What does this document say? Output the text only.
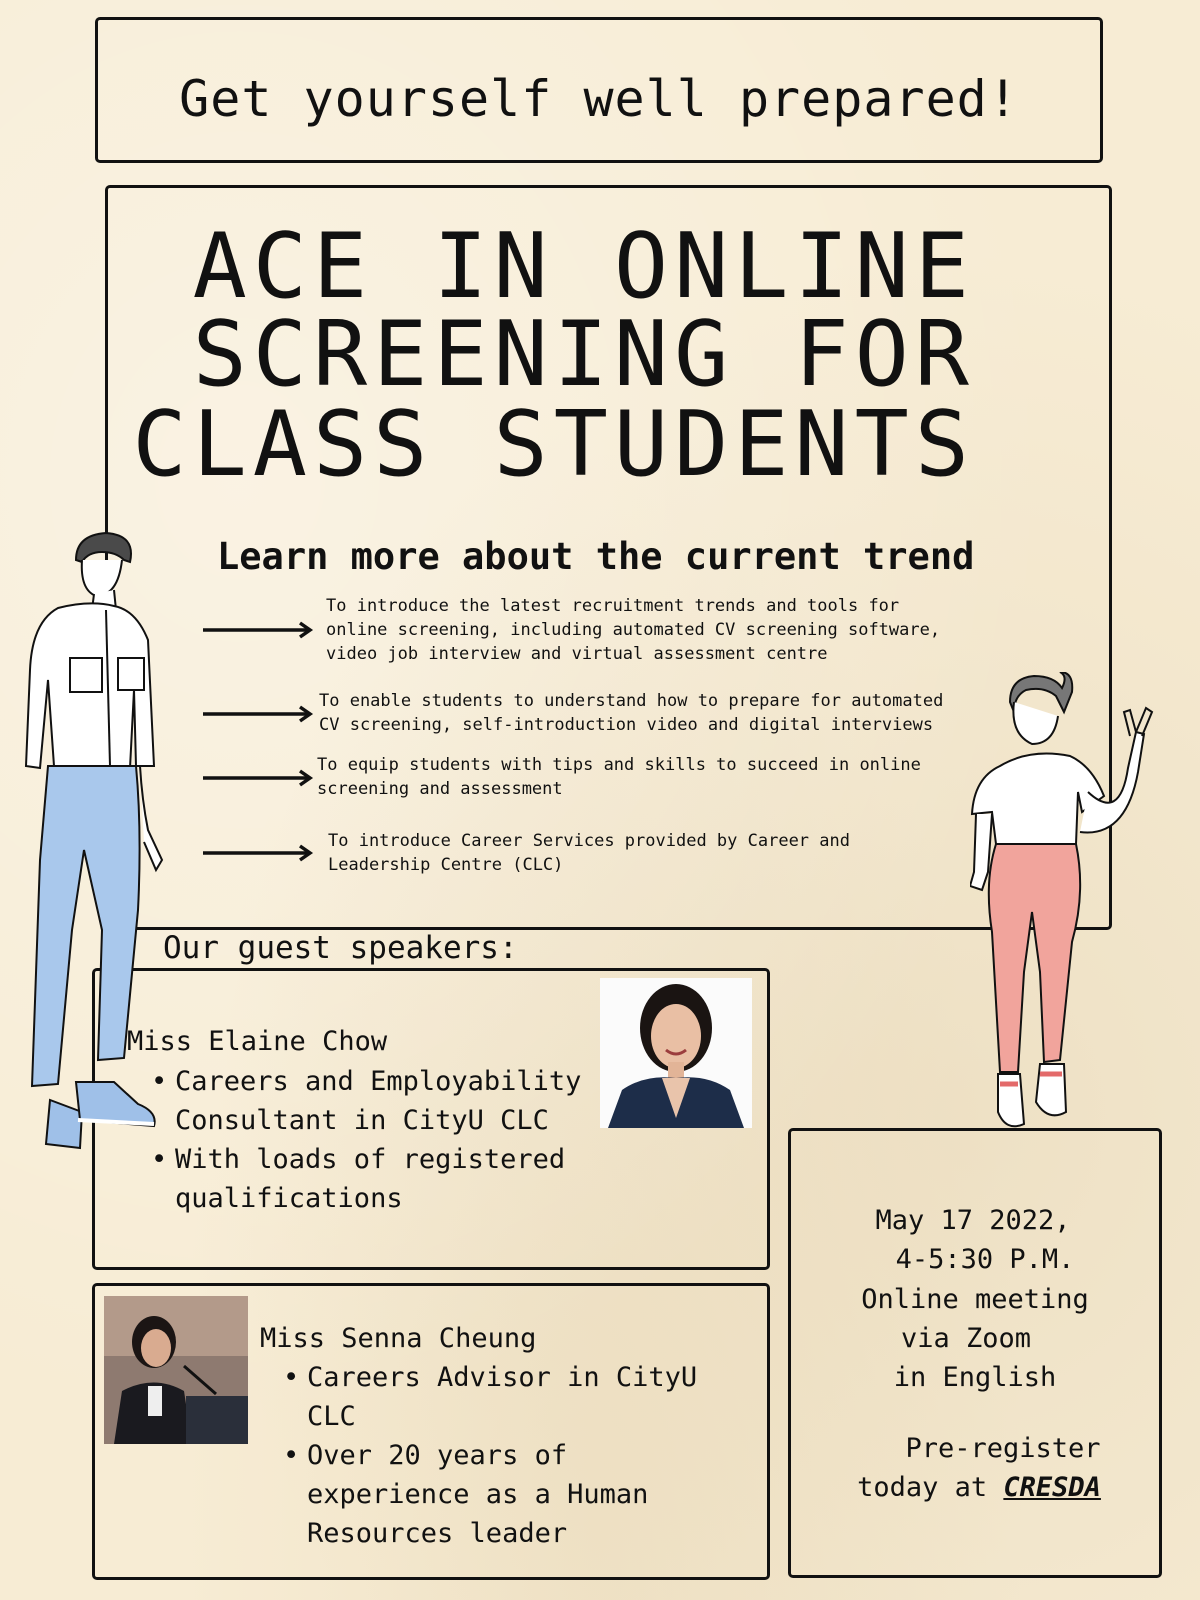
Get yourself well prepared!
ACE IN ONLINE
SCREENING FOR
CLASS STUDENTS
Learn more about the current trend
To introduce the latest recruitment trends and tools for
online screening, including automated CV screening software,
video job interview and virtual assessment centre
To enable students to understand how to prepare for automated
CV screening, self-introduction video and digital interviews
To equip students with tips and skills to succeed in online
screening and assessment
To introduce Career Services provided by Career and
Leadership Centre (CLC)
Our guest speakers:
Miss Elaine Chow
• Careers and Employability
Consultant in CityU CLC
• With loads of registered
qualifications
Miss Senna Cheung
• Careers Advisor in CityU
CLC
• Over 20 years of
experience as a Human
Resources leader
May 17 2022,
4-5:30 P.M.
Online meeting
via Zoom
in English
Pre-register
today at CRESDA
